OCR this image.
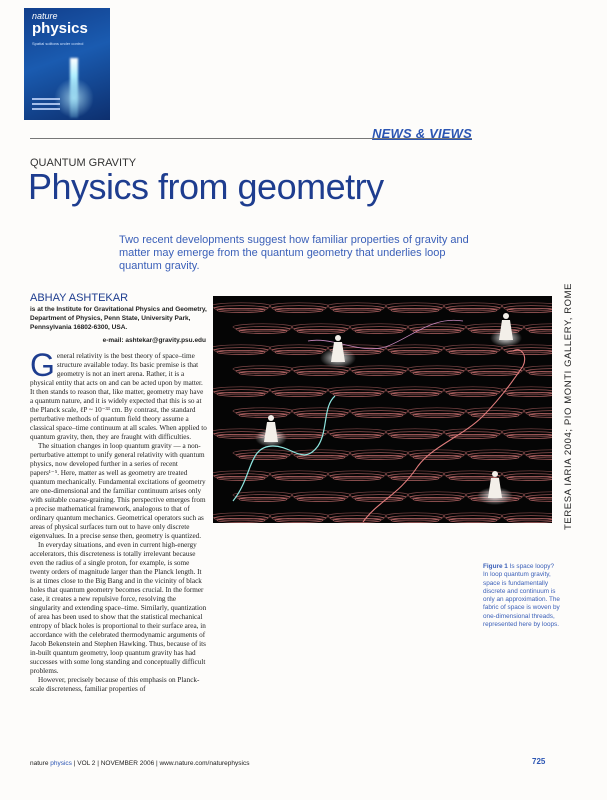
nature
physics
Spatial solitons under control
NEWS & VIEWS
QUANTUM GRAVITY
Physics from geometry
Two recent developments suggest how familiar properties of gravity and matter may emerge from the quantum geometry that underlies loop quantum gravity.
ABHAY ASHTEKAR
is at the Institute for Gravitational Physics and Geometry, Department of Physics, Penn State, University Park, Pennsylvania 16802-6300, USA.
e-mail: ashtekar@gravity.psu.edu

General relativity is the best theory of space–time structure available today. Its basic premise is that geometry is not an inert arena. Rather, it is a physical entity that acts on and can be acted upon by matter. It then stands to reason that, like matter, geometry may have a quantum nature, and it is widely expected that this is so at the Planck scale, ℓP ~ 10⁻³³ cm. By contrast, the standard perturbative methods of quantum field theory assume a classical space–time continuum at all scales. When applied to quantum gravity, then, they are fraught with difficulties.

The situation changes in loop quantum gravity — a non-perturbative attempt to unify general relativity with quantum physics, now developed further in a series of recent papers¹⁻⁵. Here, matter as well as geometry are treated quantum mechanically. Fundamental excitations of geometry are one-dimensional and the familiar continuum arises only with suitable coarse-graining. This perspective emerges from a precise mathematical framework, analogous to that of ordinary quantum mechanics. Geometrical operators such as areas of physical surfaces turn out to have only discrete eigenvalues. In a precise sense then, geometry is quantized.

In everyday situations, and even in current high-energy accelerators, this discreteness is totally irrelevant because even the radius of a single proton, for example, is some twenty orders of magnitude larger than the Planck length. It is at times close to the Big Bang and in the vicinity of black holes that quantum geometry becomes crucial. In the former case, it creates a new repulsive force, resolving the singularity and extending space–time. Similarly, quantization of area has been used to show that the statistical mechanical entropy of black holes is proportional to their surface area, in accordance with the celebrated thermodynamic arguments of Jacob Bekenstein and Stephen Hawking. Thus, because of its in-built quantum geometry, loop quantum gravity has had successes with some long standing and conceptually difficult problems.

However, precisely because of this emphasis on Planck-scale discreteness, familiar properties of

TERESA IARIA 2004; PIO MONTI GALLERY, ROME
Figure 1 Is space loopy? In loop quantum gravity, space is fundamentally discrete and continuum is only an approximation. The fabric of space is woven by one-dimensional threads, represented here by loops.
nature physics | VOL 2 | NOVEMBER 2006 | www.nature.com/naturephysics	725
